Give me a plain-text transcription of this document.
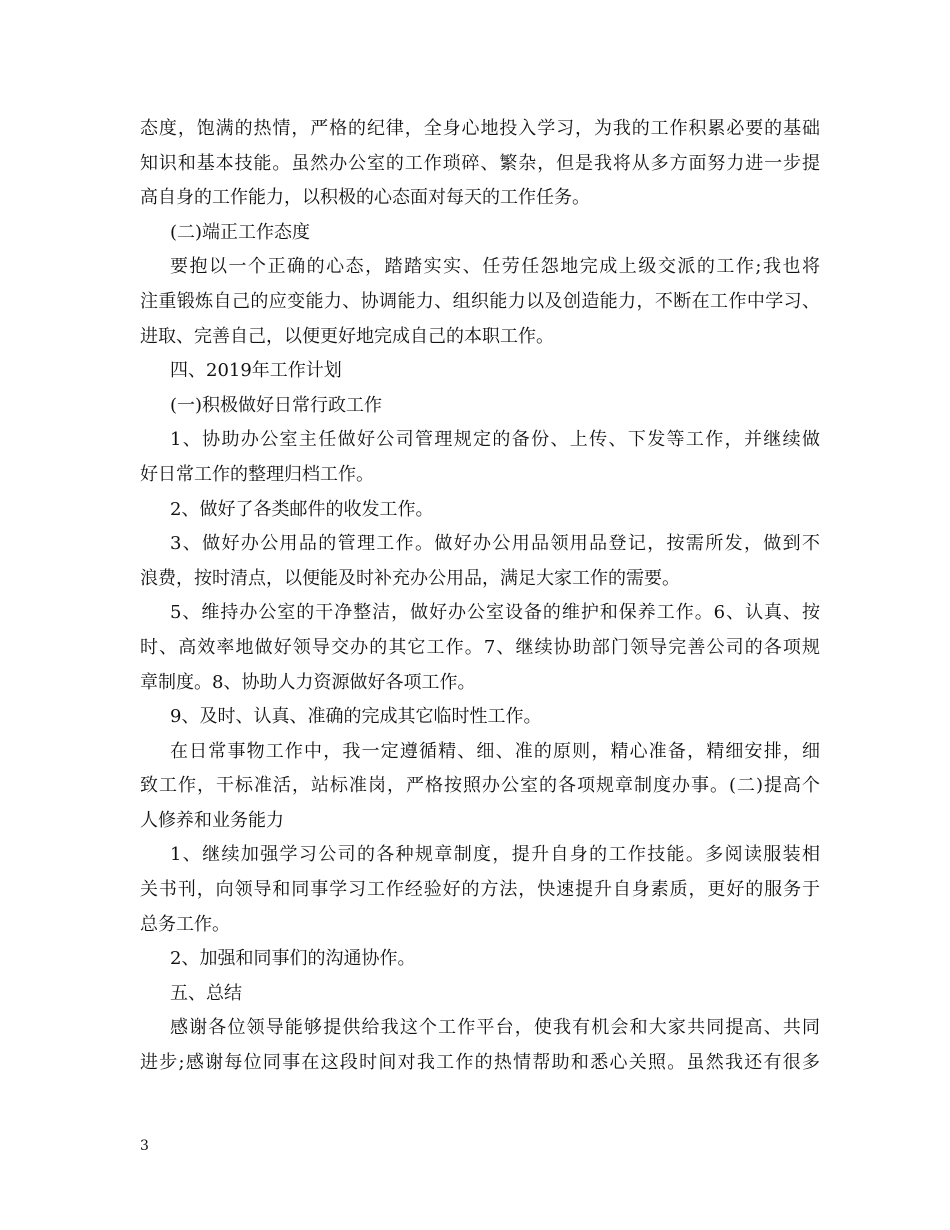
态度，饱满的热情，严格的纪律，全身心地投入学习，为我的工作积累必要的基础
知识和基本技能。虽然办公室的工作琐碎、繁杂，但是我将从多方面努力进一步提
高自身的工作能力，以积极的心态面对每天的工作任务。
(二)端正工作态度
要抱以一个正确的心态，踏踏实实、任劳任怨地完成上级交派的工作;我也将
注重锻炼自己的应变能力、协调能力、组织能力以及创造能力，不断在工作中学习、
进取、完善自己，以便更好地完成自己的本职工作。
四、2019年工作计划
(一)积极做好日常行政工作
1、协助办公室主任做好公司管理规定的备份、上传、下发等工作，并继续做
好日常工作的整理归档工作。
2、做好了各类邮件的收发工作。
3、做好办公用品的管理工作。做好办公用品领用品登记，按需所发，做到不
浪费，按时清点，以便能及时补充办公用品，满足大家工作的需要。
5、维持办公室的干净整洁，做好办公室设备的维护和保养工作。6、认真、按
时、高效率地做好领导交办的其它工作。7、继续协助部门领导完善公司的各项规
章制度。8、协助人力资源做好各项工作。
9、及时、认真、准确的完成其它临时性工作。
在日常事物工作中，我一定遵循精、细、准的原则，精心准备，精细安排，细
致工作，干标准活，站标准岗，严格按照办公室的各项规章制度办事。(二)提高个
人修养和业务能力
1、继续加强学习公司的各种规章制度，提升自身的工作技能。多阅读服装相
关书刊，向领导和同事学习工作经验好的方法，快速提升自身素质，更好的服务于
总务工作。
2、加强和同事们的沟通协作。
五、总结
感谢各位领导能够提供给我这个工作平台，使我有机会和大家共同提高、共同
进步;感谢每位同事在这段时间对我工作的热情帮助和悉心关照。虽然我还有很多
3
